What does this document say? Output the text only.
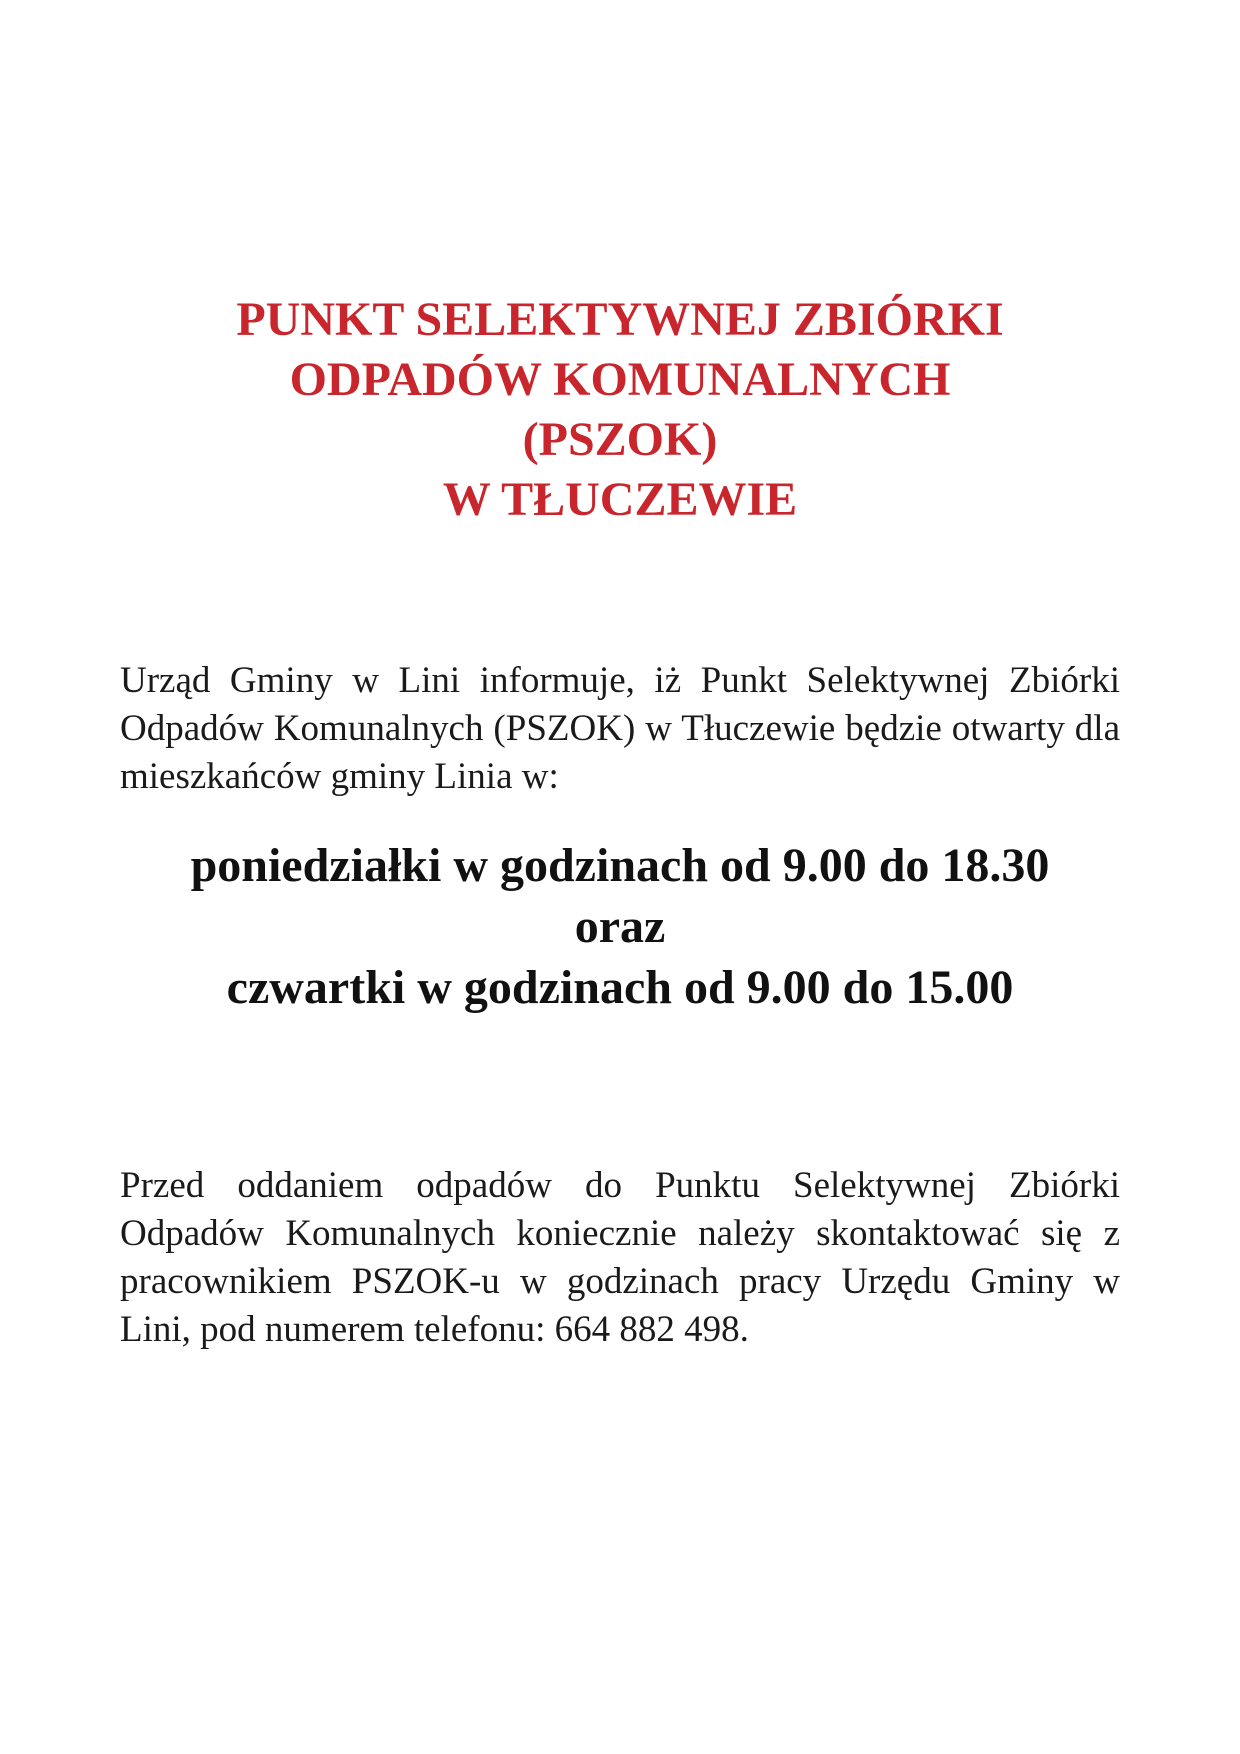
PUNKT SELEKTYWNEJ ZBIÓRKI
ODPADÓW KOMUNALNYCH
(PSZOK)
W TŁUCZEWIE

Urząd Gminy w Lini informuje, iż Punkt Selektywnej Zbiórki Odpadów Komunalnych (PSZOK) w Tłuczewie będzie otwarty dla mieszkańców gminy Linia w:

poniedziałki w godzinach od 9.00 do 18.30
oraz
czwartki w godzinach od 9.00 do 15.00

Przed oddaniem odpadów do Punktu Selektywnej Zbiórki Odpadów Komunalnych koniecznie należy skontaktować się z pracownikiem PSZOK-u w godzinach pracy Urzędu Gminy w Lini, pod numerem telefonu: 664 882 498.
